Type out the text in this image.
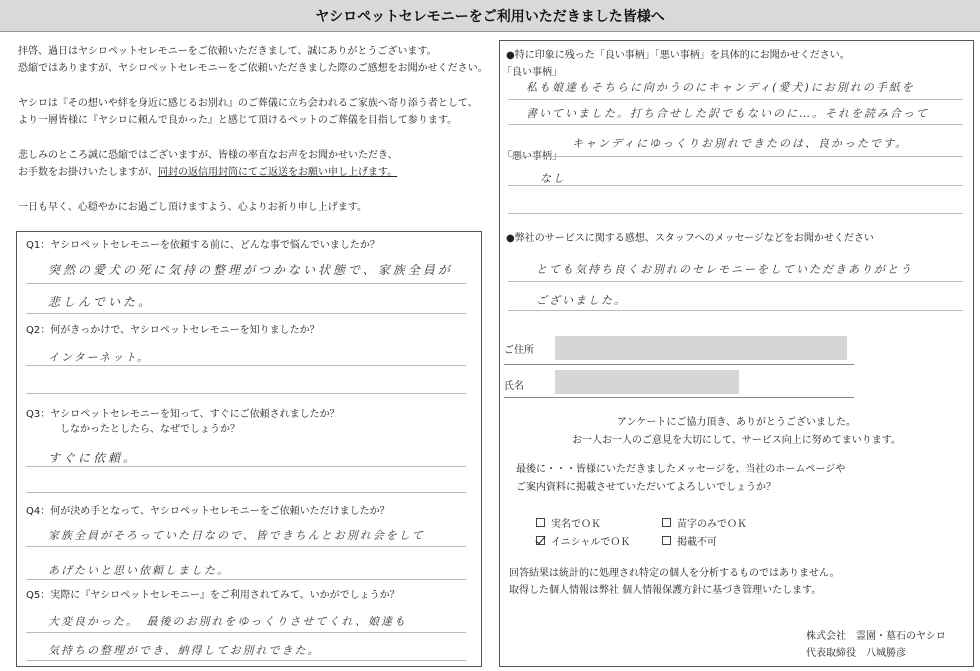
ヤシロペットセレモニーをご利用いただきました皆様へ
拝啓、過日はヤシロペットセレモニーをご依頼いただきまして、誠にありがとうございます。
恐縮ではありますが、ヤシロペットセレモニーをご依頼いただきました際のご感想をお聞かせください。
ヤシロは『その想いや絆を身近に感じるお別れ』のご葬儀に立ち会われるご家族へ寄り添う者として、
より一層皆様に『ヤシロに頼んで良かった』と感じて頂けるペットのご葬儀を目指して参ります。
悲しみのところ誠に恐縮ではございますが、皆様の率直なお声をお聞かせいただき、
お手数をお掛けいたしますが、同封の返信用封筒にてご返送をお願い申し上げます。
一日も早く、心穏やかにお過ごし頂けますよう、心よりお祈り申し上げます。
Q1：ヤシロペットセレモニーを依頼する前に、どんな事で悩んでいましたか？
突然の愛犬の死に気持の整理がつかない状態で、家族全員が
悲しんでいた。
Q2：何がきっかけで、ヤシロペットセレモニーを知りましたか？
インターネット。
Q3：ヤシロペットセレモニーを知って、すぐにご依頼されましたか？
しなかったとしたら、なぜでしょうか？
すぐに依頼。
Q4：何が決め手となって、ヤシロペットセレモニーをご依頼いただけましたか？
家族全員がそろっていた日なので、皆できちんとお別れ会をして
あげたいと思い依頼しました。
Q5：実際に『ヤシロペットセレモニー』をご利用されてみて、いかがでしょうか？
大変良かった。　最後のお別れをゆっくりさせてくれ、娘達も
気持ちの整理ができ、納得してお別れできた。
●特に印象に残った「良い事柄」「悪い事柄」を具体的にお聞かせください。
「良い事柄」
私も娘達もそちらに向かうのにキャンディ(愛犬)にお別れの手紙を
書いていました。打ち合せした訳でもないのに…。それを読み合って
キャンディにゆっくりお別れできたのは、良かったです。
「悪い事柄」
なし
●弊社のサービスに関する感想、スタッフへのメッセージなどをお聞かせください
とても気持ち良くお別れのセレモニーをしていただきありがとう
ございました。
ご住所
氏名
アンケートにご協力頂き、ありがとうございました。
お一人お一人のご意見を大切にして、サービス向上に努めてまいります。
最後に・・・皆様にいただきましたメッセージを、当社のホームページや
ご案内資料に掲載させていただいてよろしいでしょうか？
実名でＯＫ	苗字のみでＯＫ
イニシャルでＯＫ	掲載不可
回答結果は統計的に処理され特定の個人を分析するものではありません。
取得した個人情報は弊社 個人情報保護方針に基づき管理いたします。
株式会社　霊園・墓石のヤシロ
代表取締役　八城勝彦
